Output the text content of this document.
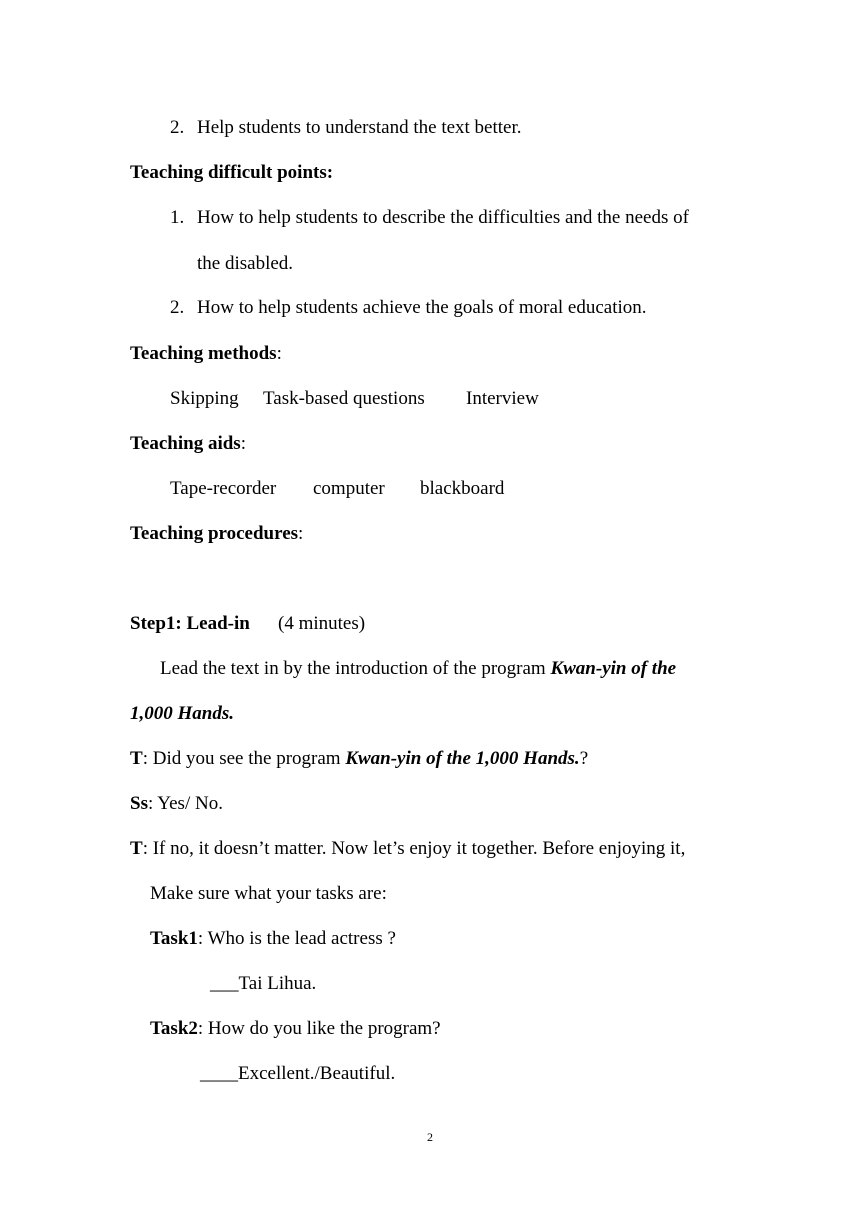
2. Help students to understand the text better.
Teaching difficult points:
1. How to help students to describe the difficulties and the needs of
the disabled.
2. How to help students achieve the goals of moral education.
Teaching methods:
Skipping Task-based questions Interview
Teaching aids:
Tape-recorder computer blackboard
Teaching procedures:
Step1: Lead-in (4 minutes)
Lead the text in by the introduction of the program Kwan-yin of the
1,000 Hands.
T: Did you see the program Kwan-yin of the 1,000 Hands.?
Ss: Yes/ No.
T: If no, it doesn’t matter. Now let’s enjoy it together. Before enjoying it,
Make sure what your tasks are:
Task1: Who is the lead actress ?
___Tai Lihua.
Task2: How do you like the program?
____Excellent./Beautiful.
2
